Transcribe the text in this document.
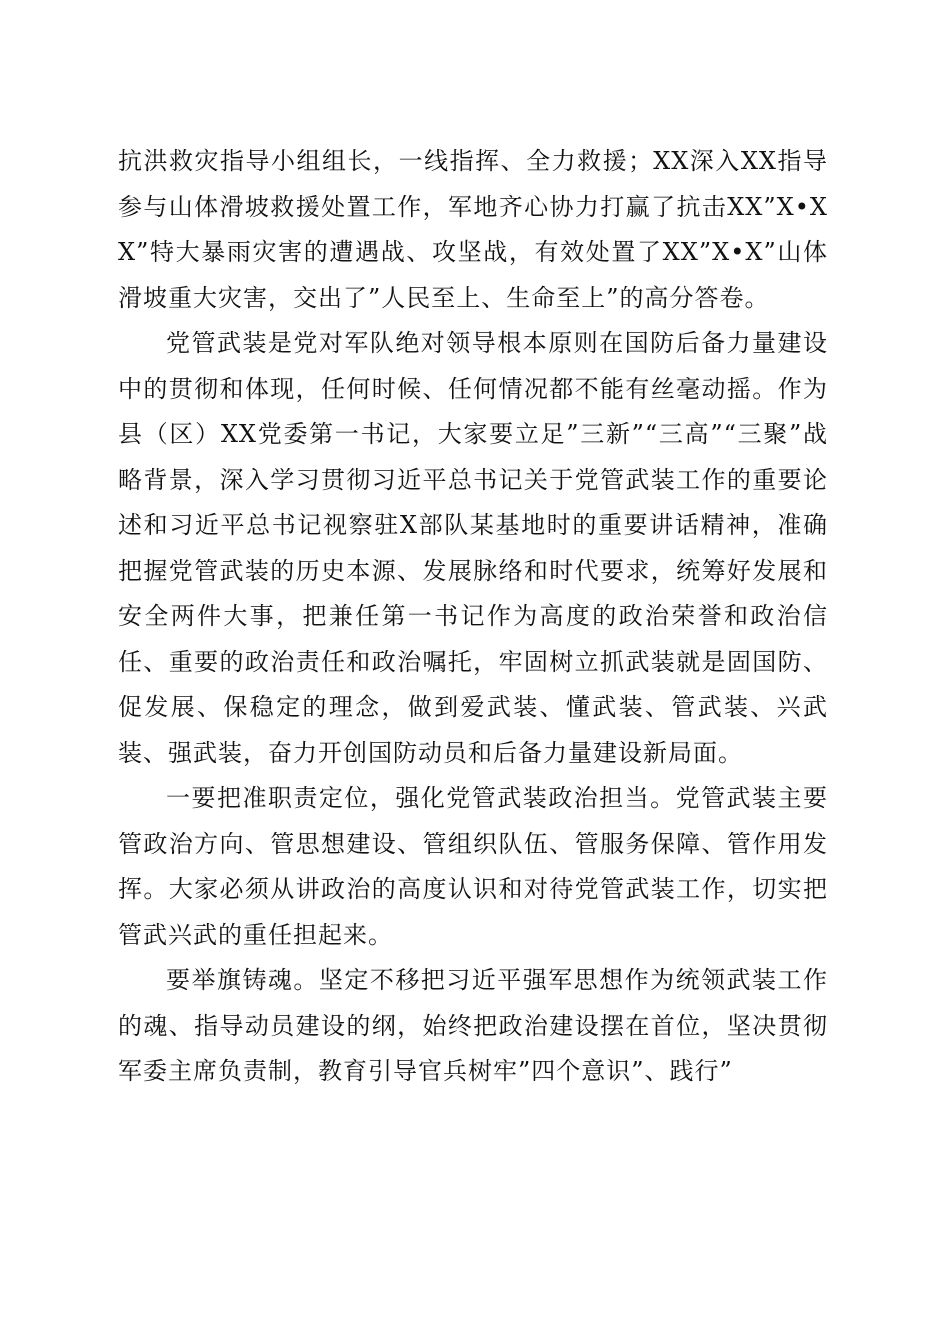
抗洪救灾指导小组组长，一线指挥、全力救援；XX深入XX指导参与山体滑坡救援处置工作，军地齐心协力打赢了抗击XX”X•XX”特大暴雨灾害的遭遇战、攻坚战，有效处置了XX”X•X”山体滑坡重大灾害，交出了”人民至上、生命至上”的高分答卷。

党管武装是党对军队绝对领导根本原则在国防后备力量建设中的贯彻和体现，任何时候、任何情况都不能有丝毫动摇。作为县（区）XX党委第一书记，大家要立足”三新”“三高”“三聚”战略背景，深入学习贯彻习近平总书记关于党管武装工作的重要论述和习近平总书记视察驻X部队某基地时的重要讲话精神，准确把握党管武装的历史本源、发展脉络和时代要求，统筹好发展和安全两件大事，把兼任第一书记作为高度的政治荣誉和政治信任、重要的政治责任和政治嘱托，牢固树立抓武装就是固国防、促发展、保稳定的理念，做到爱武装、懂武装、管武装、兴武装、强武装，奋力开创国防动员和后备力量建设新局面。

一要把准职责定位，强化党管武装政治担当。党管武装主要管政治方向、管思想建设、管组织队伍、管服务保障、管作用发挥。大家必须从讲政治的高度认识和对待党管武装工作，切实把管武兴武的重任担起来。

要举旗铸魂。坚定不移把习近平强军思想作为统领武装工作的魂、指导动员建设的纲，始终把政治建设摆在首位，坚决贯彻军委主席负责制，教育引导官兵树牢”四个意识”、践行”
